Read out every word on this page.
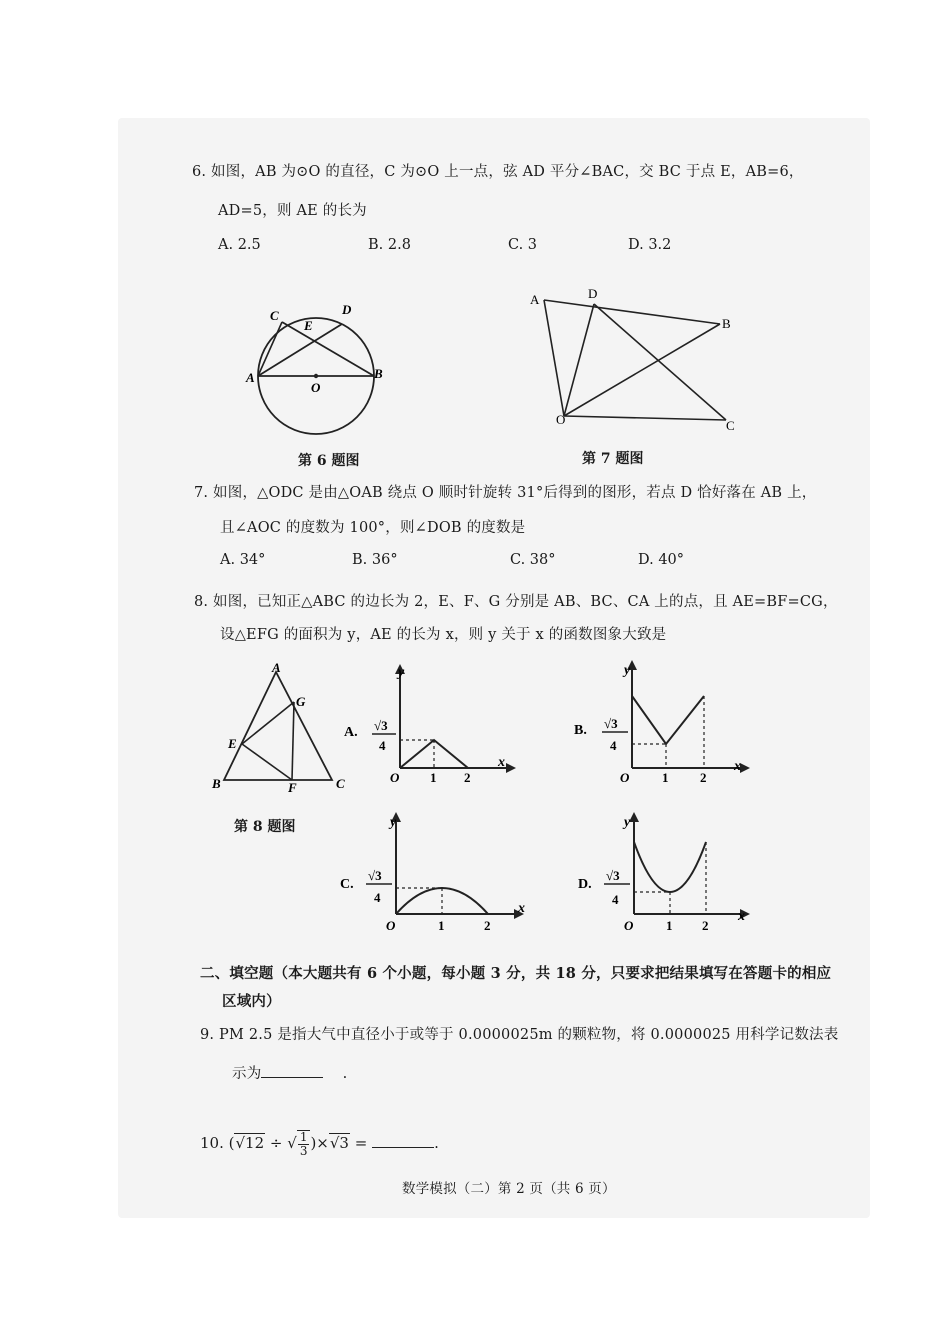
6. 如图，AB 为⊙O 的直径，C 为⊙O 上一点，弦 AD 平分∠BAC，交 BC 于点 E，AB=6，
AD=5，则 AE 的长为
A. 2.5	B. 2.8	C. 3	D. 3.2
A	B
C	D
E
O
第 6 题图
A
B
C
D
O
第 7 题图
7. 如图，△ODC 是由△OAB 绕点 O 顺时针旋转 31°后得到的图形，若点 D 恰好落在 AB 上，
且∠AOC 的度数为 100°，则∠DOB 的度数是
A. 34°	B. 36°	C. 38°	D. 40°
8. 如图，已知正△ABC 的边长为 2，E、F、G 分别是 AB、BC、CA 上的点，且 AE=BF=CG，
设△EFG 的面积为 y，AE 的长为 x，则 y 关于 x 的函数图象大致是
A
B	C
E
F
G
第 8 题图
A. √3
4
y
x
O 1 2
B. √3
4
y
x
O	1 2
C.
√3
4
y
x
O	1	2
D.
√3
4
y
x
O	1 2
二、填空题（本大题共有 6 个小题，每小题 3 分，共 18 分，只要求把结果填写在答题卡的相应
区域内）
9. PM 2.5 是指大气中直径小于或等于 0.0000025m 的颗粒物，将 0.0000025 用科学记数法表
示为	.
10. (√12 ÷ √ $\frac{1}{3} )\times√3$ =	.
数学模拟（二）第 2 页（共 6 页）
